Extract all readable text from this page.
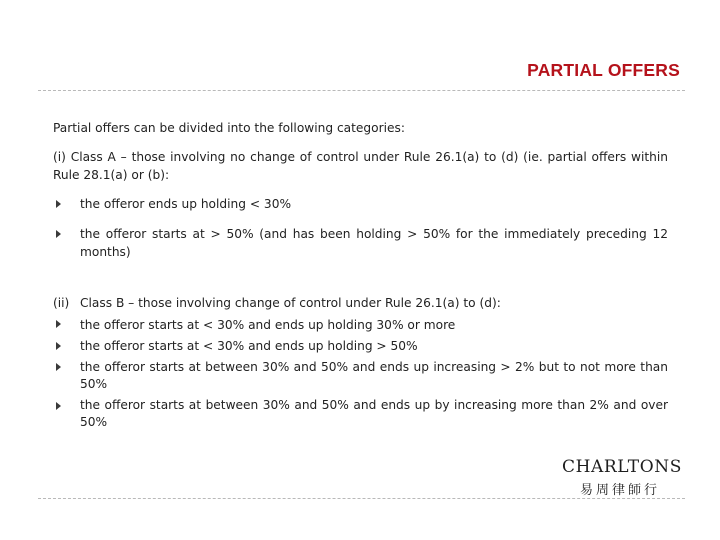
PARTIAL OFFERS
Partial offers can be divided into the following categories:
(i) Class A – those involving no change of control under Rule 26.1(a) to (d) (ie. partial offers within Rule 28.1(a) or (b):
the offeror ends up holding < 30%
the offeror starts at > 50% (and has been holding > 50% for the immediately preceding 12 months)
(ii) Class B – those involving change of control under Rule 26.1(a) to (d):
the offeror starts at < 30% and ends up holding 30% or more
the offeror starts at < 30% and ends up holding > 50%
the offeror starts at between 30% and 50% and ends up increasing > 2% but to not more than 50%
the offeror starts at between 30% and 50% and ends up by increasing more than 2% and over 50%
CHARLTONS
易周律師行
